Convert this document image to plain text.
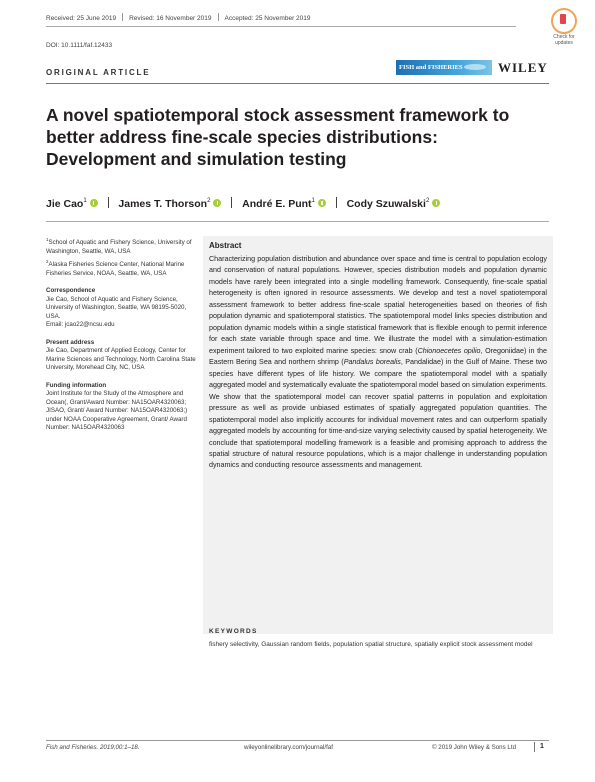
Received: 25 June 2019 Revised: 16 November 2019 Accepted: 25 November 2019
DOI: 10.1111/faf.12433
Check for updates
ORIGINAL ARTICLE
FISH and FISHERIES	WILEY
A novel spatiotemporal stock assessment framework to better address fine-scale species distributions: Development and simulation testing
Jie Cao$^1$	James T. Thorson$^2$	André E. Punt$^1$	Cody Szuwalski$^2$

$^1$School of Aquatic and Fishery Science, University of Washington, Seattle, WA, USA

$^2$Alaska Fisheries Science Center, National Marine Fisheries Service, NOAA, Seattle, WA, USA

Correspondence

Jie Cao, School of Aquatic and Fishery Science, University of Washington, Seattle, WA 98195-5020, USA.

Email: jcao22@ncsu.edu

Present address

Jie Cao, Department of Applied Ecology, Center for Marine Sciences and Technology, North Carolina State University, Morehead City, NC, USA

Funding information

Joint Institute for the Study of the Atmosphere and Ocean(, Grant/Award Number: NA15OAR4320063; JISAO, Grant/ Award Number: NA15OAR4320063;) under NOAA Cooperative Agreement, Grant/ Award Number: NA15OAR4320063

Abstract
Characterizing population distribution and abundance over space and time is central to population ecology and conservation of natural populations. However, species distribution models and population dynamic models have rarely been integrated into a single modelling framework. Consequently, fine-scale spatial heterogeneity is often ignored in resource assessments. We develop and test a novel spatiotemporal assessment framework to better address fine-scale spatial heterogeneities based on theories of fish population dynamic and spatiotemporal statistics. The spatiotemporal model links species distribution and population dynamic models within a single statistical framework that is flexible enough to permit inference for each state variable through space and time. We illustrate the model with a simulation-estimation experiment tailored to two exploited marine species: snow crab (Chionoecetes opilio, Oregoniidae) in the Eastern Bering Sea and northern shrimp (Pandalus borealis, Pandalidae) in the Gulf of Maine. These two species have different types of life history. We compare the spatiotemporal model with a spatially aggregated model and systematically evaluate the spatiotemporal model based on simulation experiments. We show that the spatiotemporal model can recover spatial patterns in population and exploitation pressure as well as provide unbiased estimates of spatially aggregated population quantities. The spatiotemporal model also implicitly accounts for individual movement rates and can outperform spatially aggregated models by accounting for time-and-size varying selectivity caused by spatial heterogeneity. We conclude that spatiotemporal modelling framework is a feasible and promising approach to address the spatial structure of natural resource populations, which is a major challenge in understanding population dynamics and conducting resource assessments and management.
KEYWORDS
fishery selectivity, Gaussian random fields, population spatial structure, spatially explicit stock assessment model
Fish and Fisheries. 2019;00:1–18.	wileyonlinelibrary.com/journal/faf	© 2019 John Wiley & Sons Ltd	1
